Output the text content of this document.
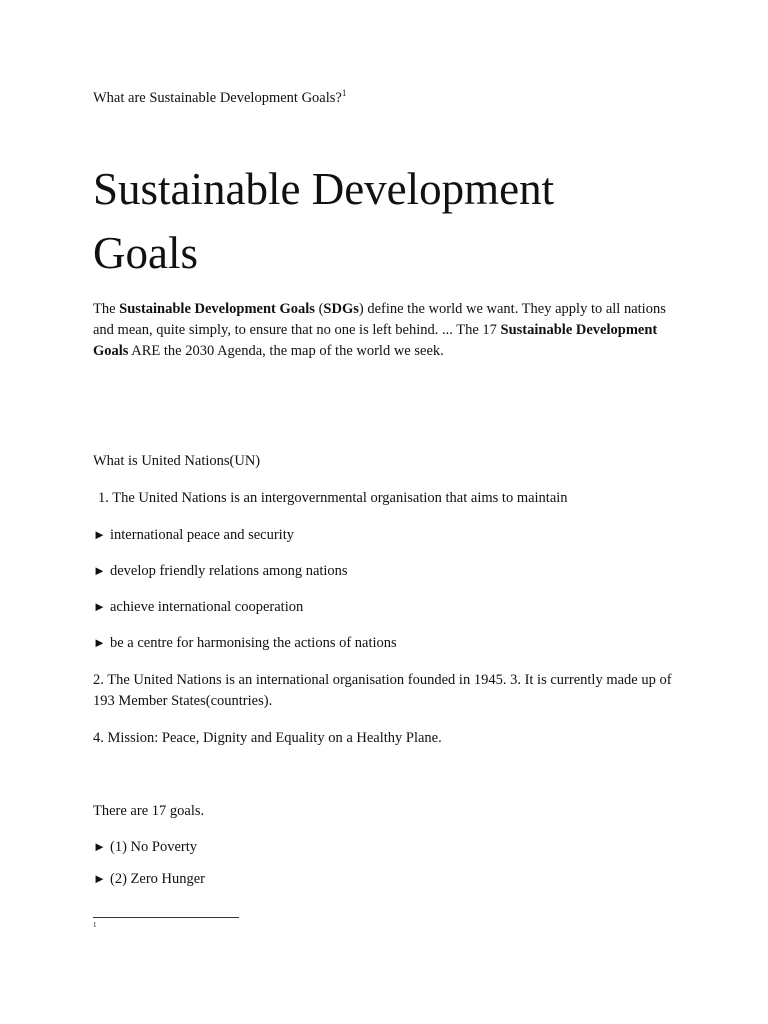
What are Sustainable Development Goals?$^1$

Sustainable Development Goals

The Sustainable Development Goals (SDGs) define the world we want. They apply to all nations and mean, quite simply, to ensure that no one is left behind. ... The 17 Sustainable Development Goals ARE the 2030 Agenda, the map of the world we seek.

What is United Nations(UN)

1. The United Nations is an intergovernmental organisation that aims to maintain

► international peace and security

► develop friendly relations among nations

► achieve international cooperation

► be a centre for harmonising the actions of nations

2. The United Nations is an international organisation founded in 1945. 3. It is currently made up of 193 Member States(countries).

4. Mission: Peace, Dignity and Equality on a Healthy Plane.

There are 17 goals.

► (1) No Poverty

► (2) Zero Hunger

1
